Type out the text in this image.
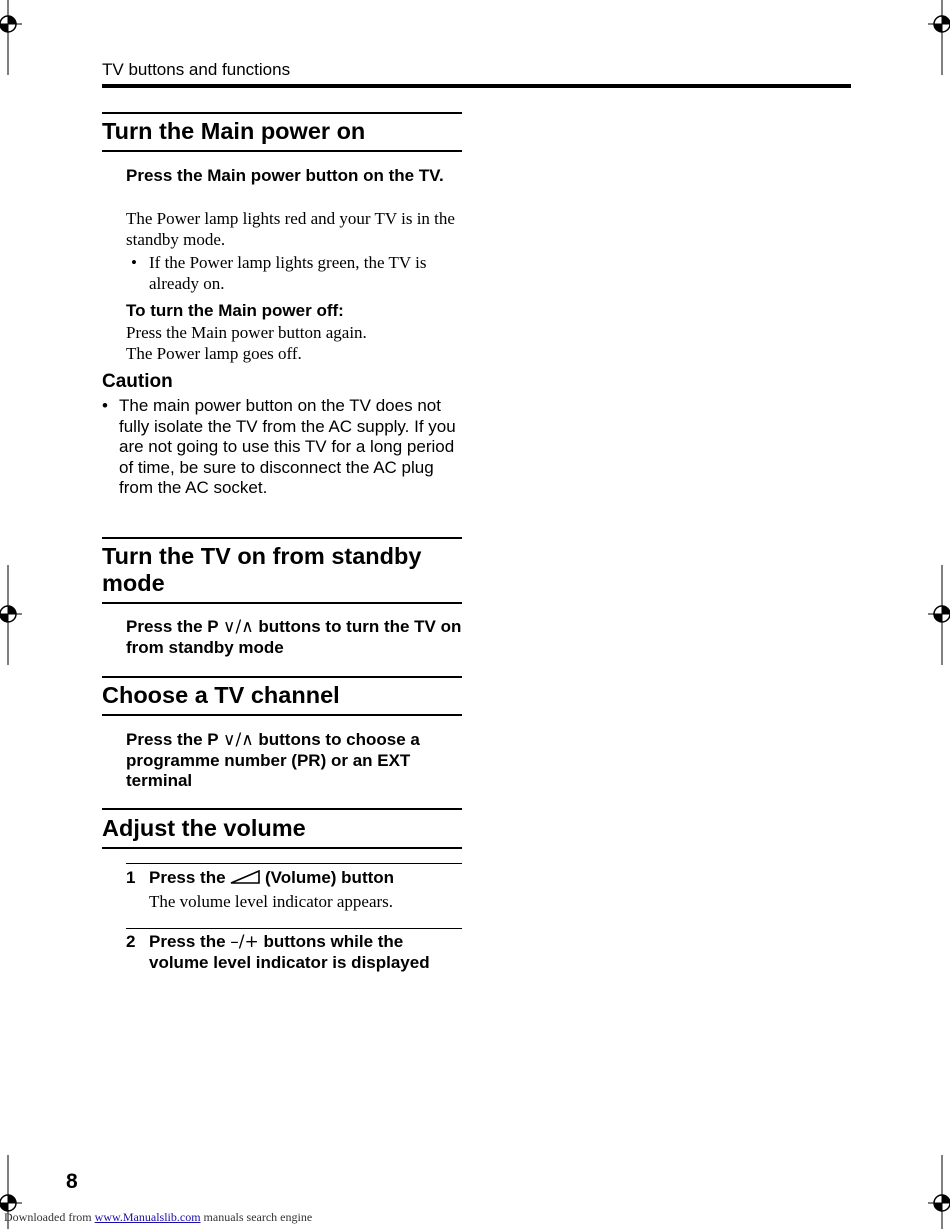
TV buttons and functions
Turn the Main power on
Press the Main power button on the TV.
The Power lamp lights red and your TV is in the standby mode.
• If the Power lamp lights green, the TV is already on.
To turn the Main power off:
Press the Main power button again.
The Power lamp goes off.
Caution
• The main power button on the TV does not fully isolate the TV from the AC supply. If you are not going to use this TV for a long period of time, be sure to disconnect the AC plug from the AC socket.
Turn the TV on from standby mode
Press the P ∨/∧ buttons to turn the TV on from standby mode
Choose a TV channel
Press the P ∨/∧ buttons to choose a programme number (PR) or an EXT terminal
Adjust the volume
1 Press the  (Volume) button
The volume level indicator appears.
2 Press the –/+ buttons while the volume level indicator is displayed
8
Downloaded from www.Manualslib.com manuals search engine
